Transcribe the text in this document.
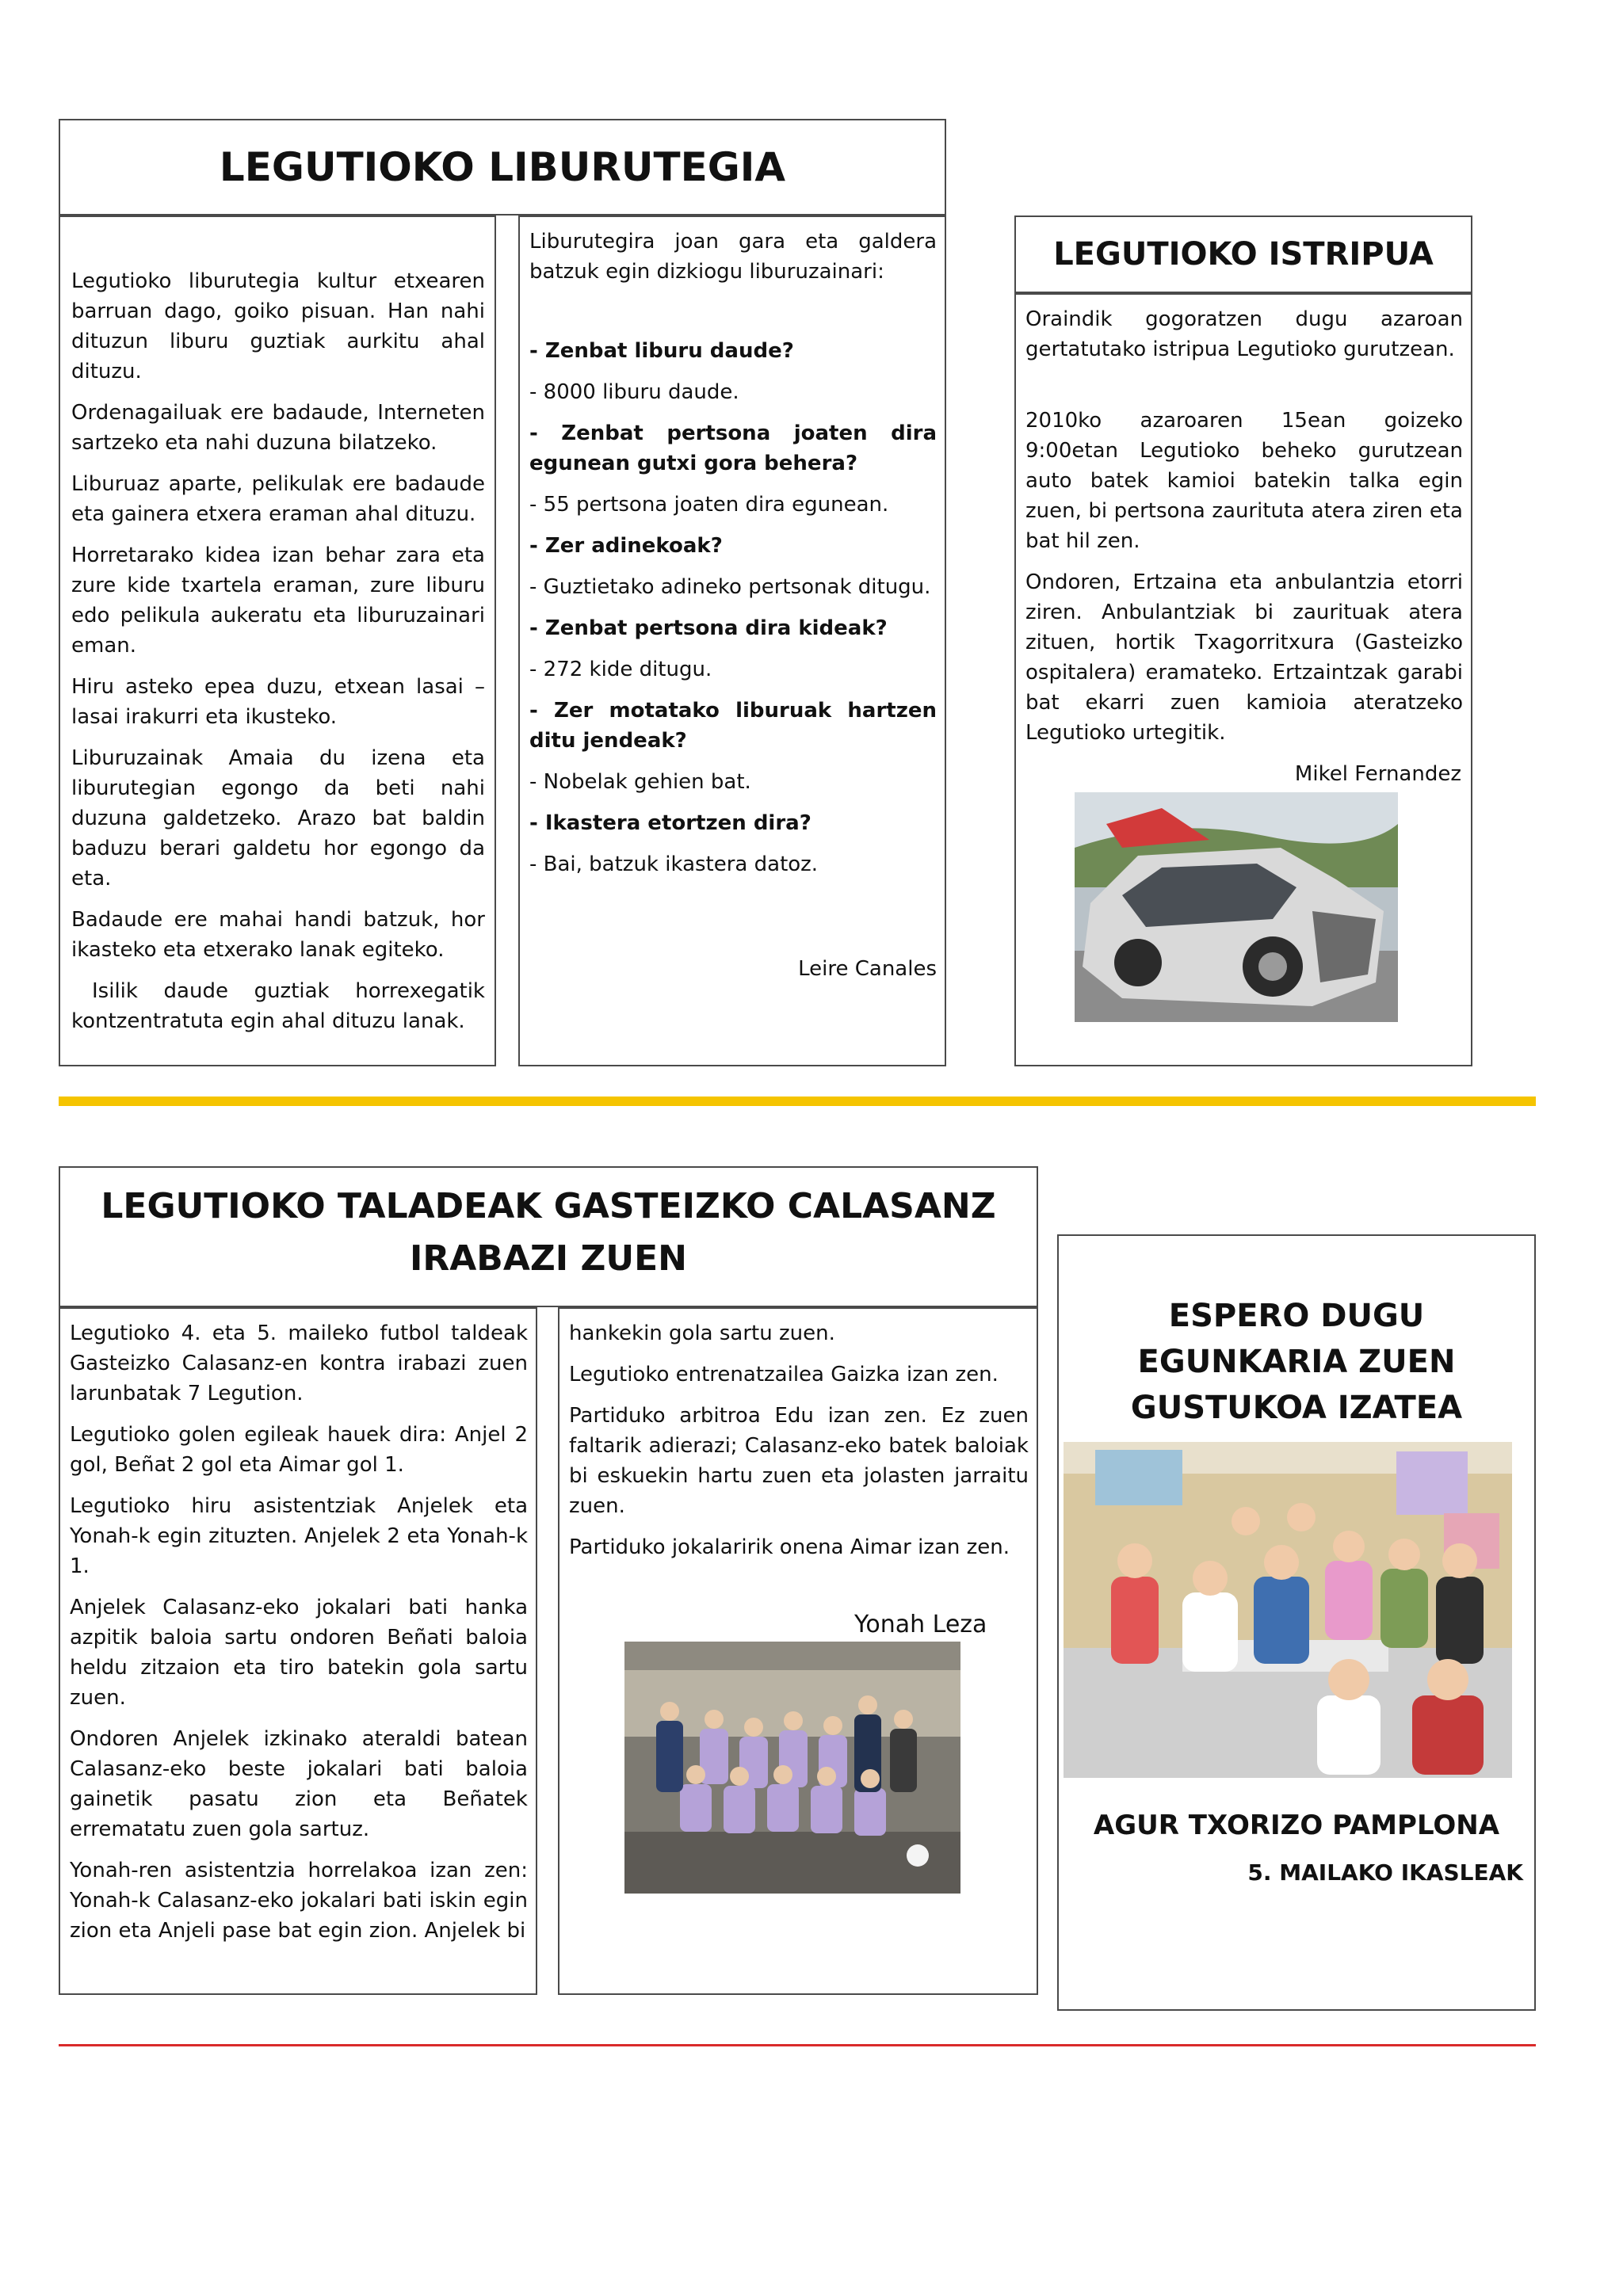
LEGUTIOKO LIBURUTEGIA

Legutioko liburutegia kultur etxearen barruan dago, goiko pisuan. Han nahi dituzun liburu guztiak aurkitu ahal dituzu.

Ordenagailuak ere badaude, Interneten sartzeko eta nahi duzuna bilatzeko.

Liburuaz aparte, pelikulak ere badaude eta gainera etxera eraman ahal dituzu.

Horretarako kidea izan behar zara eta zure kide txartela eraman, zure liburu edo pelikula aukeratu eta liburuzainari eman.

Hiru asteko epea duzu, etxean lasai – lasai irakurri eta ikusteko.

Liburuzainak Amaia du izena eta liburutegian egongo da beti nahi duzuna galdetzeko. Arazo bat baldin baduzu berari galdetu hor egongo da eta.

Badaude ere mahai handi batzuk, hor ikasteko eta etxerako lanak egiteko.

Isilik daude guztiak horrexegatik kontzentratuta egin ahal dituzu lanak.

Liburutegira joan gara eta galdera batzuk egin dizkiogu liburuzainari:

- Zenbat liburu daude?

- 8000 liburu daude.

- Zenbat pertsona joaten dira egunean gutxi gora behera?

- 55 pertsona joaten dira egunean.

- Zer adinekoak?

- Guztietako adineko pertsonak ditugu.

- Zenbat pertsona dira kideak?

- 272 kide ditugu.

- Zer motatako liburuak hartzen ditu jendeak?

- Nobelak gehien bat.

- Ikastera etortzen dira?

- Bai, batzuk ikastera datoz.

Leire Canales
LEGUTIOKO ISTRIPUA

Oraindik gogoratzen dugu azaroan gertatutako istripua Legutioko gurutzean.

2010ko azaroaren 15ean goizeko 9:00etan Legutioko beheko gurutzean auto batek kamioi batekin talka egin zuen, bi pertsona zauritutа atera ziren eta bat hil zen.

Ondoren, Ertzaina eta anbulantzia etorri ziren. Anbulantziak bi zaurituak atera zituen, hortik Txagorritxura (Gasteizko ospitalera) eramateko. Ertzaintzak garabi bat ekarri zuen kamioia ateratzeko Legutioko urtegitik.

Mikel Fernandez
LEGUTIOKO TALADEAK GASTEIZKO CALASANZ
IRABAZI ZUEN

Legutioko 4. eta 5. maileko futbol taldeak Gasteizko Calasanz-en kontra irabazi zuen larunbatak 7 Legution.

Legutioko golen egileak hauek dira: Anjel 2 gol, Beñat 2 gol eta Aimar gol 1.

Legutioko hiru asistentziak Anjelek eta Yonah-k egin zituzten. Anjelek 2 eta Yonah-k 1.

Anjelek Calasanz-eko jokalari bati hanka azpitik baloia sartu ondoren Beñati baloia heldu zitzaion eta tiro batekin gola sartu zuen.

Ondoren Anjelek izkinako ateraldi batean Calasanz-eko beste jokalari bati baloia gainetik pasatu zion eta Beñatek errematatu zuen gola sartuz.

Yonah-ren asistentzia horrelakoa izan zen: Yonah-k Calasanz-eko jokalari bati iskin egin zion eta Anjeli pase bat egin zion. Anjelek bi

hankekin gola sartu zuen.

Legutioko entrenatzailea Gaizka izan zen.

Partiduko arbitroa Edu izan zen. Ez zuen faltarik adierazi; Calasanz-eko batek baloiak bi eskuekin hartu zuen eta jolasten jarraitu zuen.

Partiduko jokalaririk onena Aimar izan zen.

Yonah Leza
ESPERO DUGU EGUNKARIA ZUEN GUSTUKOA IZATEA
AGUR TXORIZO PAMPLONA
5. MAILAKO IKASLEAK
